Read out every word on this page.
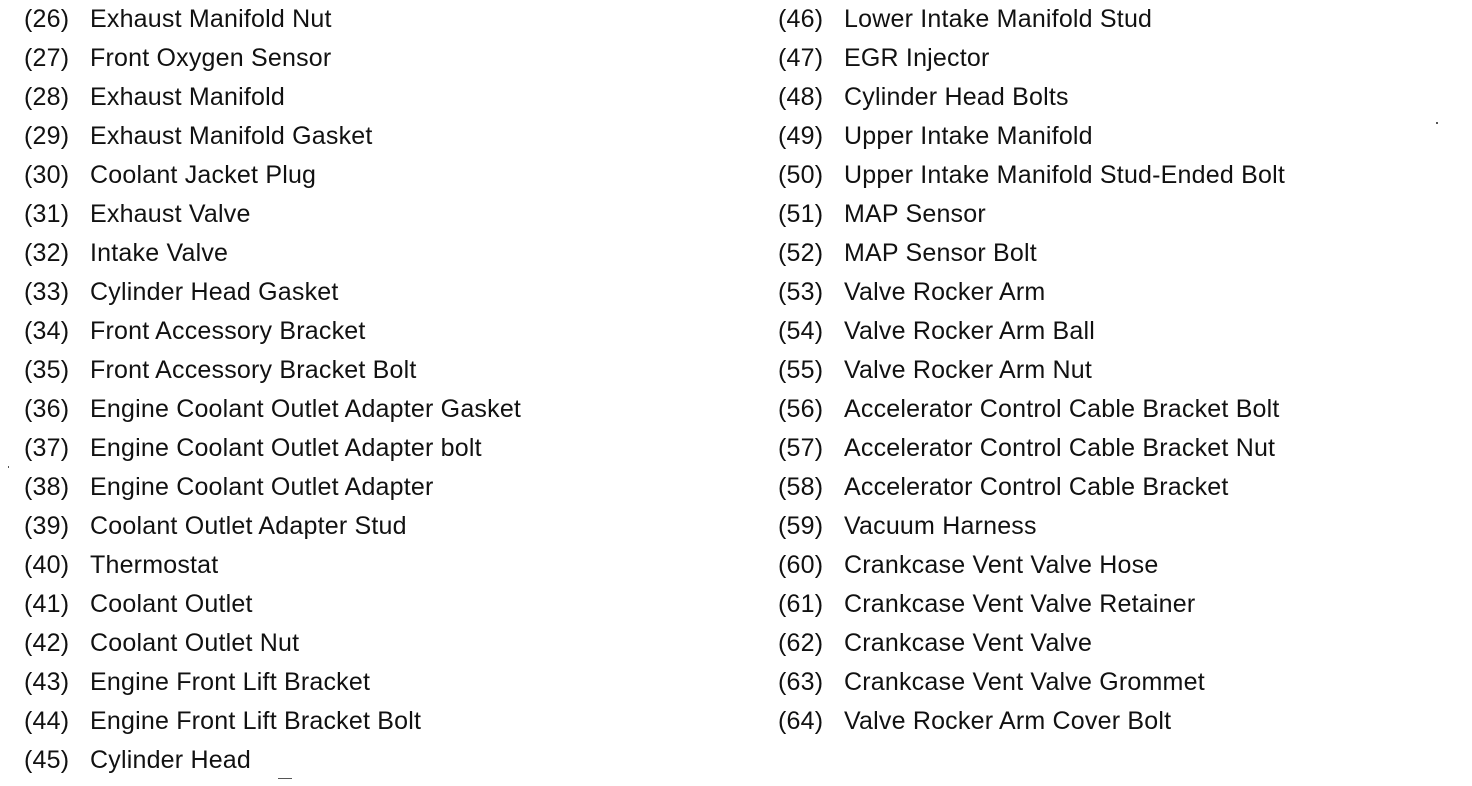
(26) Exhaust Manifold Nut
(27) Front Oxygen Sensor
(28) Exhaust Manifold
(29) Exhaust Manifold Gasket
(30) Coolant Jacket Plug
(31) Exhaust Valve
(32) Intake Valve
(33) Cylinder Head Gasket
(34) Front Accessory Bracket
(35) Front Accessory Bracket Bolt
(36) Engine Coolant Outlet Adapter Gasket
(37) Engine Coolant Outlet Adapter bolt
(38) Engine Coolant Outlet Adapter
(39) Coolant Outlet Adapter Stud
(40) Thermostat
(41) Coolant Outlet
(42) Coolant Outlet Nut
(43) Engine Front Lift Bracket
(44) Engine Front Lift Bracket Bolt
(45) Cylinder Head
(46) Lower Intake Manifold Stud
(47) EGR Injector
(48) Cylinder Head Bolts
(49) Upper Intake Manifold
(50) Upper Intake Manifold Stud-Ended Bolt
(51) MAP Sensor
(52) MAP Sensor Bolt
(53) Valve Rocker Arm
(54) Valve Rocker Arm Ball
(55) Valve Rocker Arm Nut
(56) Accelerator Control Cable Bracket Bolt
(57) Accelerator Control Cable Bracket Nut
(58) Accelerator Control Cable Bracket
(59) Vacuum Harness
(60) Crankcase Vent Valve Hose
(61) Crankcase Vent Valve Retainer
(62) Crankcase Vent Valve
(63) Crankcase Vent Valve Grommet
(64) Valve Rocker Arm Cover Bolt
